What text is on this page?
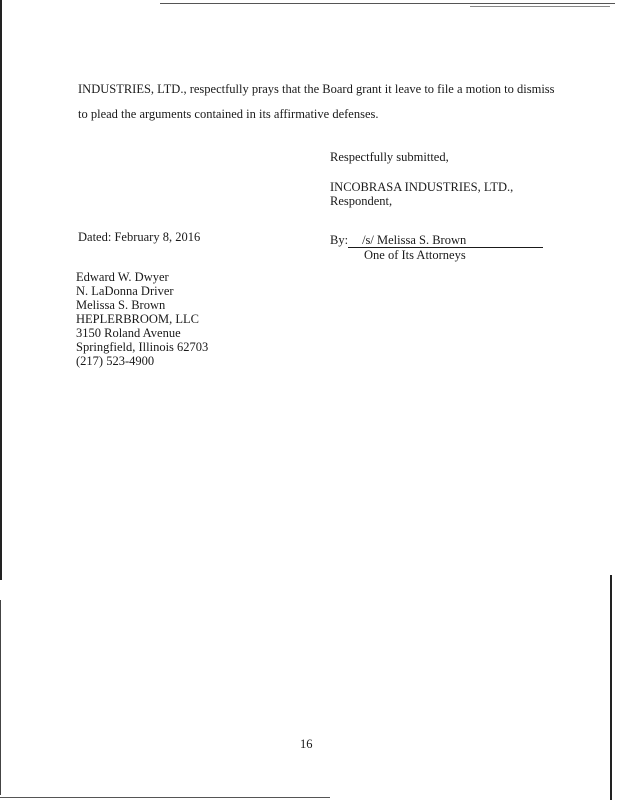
INDUSTRIES, LTD., respectfully prays that the Board grant it leave to file a motion to dismiss
to plead the arguments contained in its affirmative defenses.
Respectfully submitted,
INCOBRASA INDUSTRIES, LTD.,
Respondent,
Dated: February 8, 2016	By: /s/ Melissa S. Brown
One of Its Attorneys
Edward W. Dwyer
N. LaDonna Driver
Melissa S. Brown
HEPLERBROOM, LLC
3150 Roland Avenue
Springfield, Illinois 62703
(217) 523-4900
16
